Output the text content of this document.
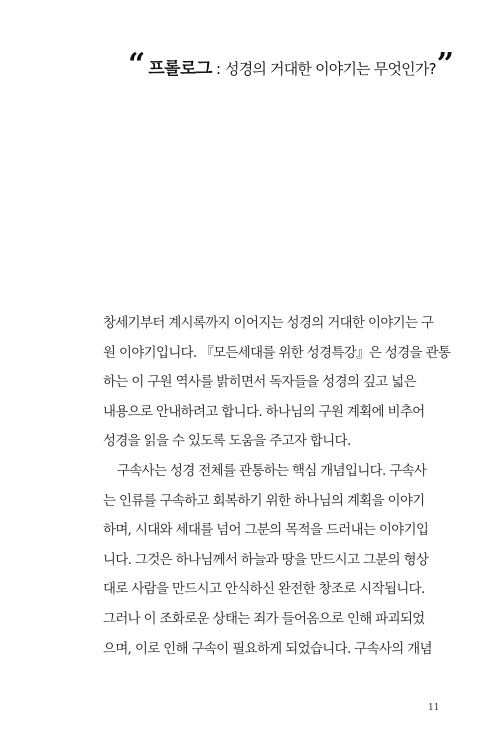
“ 프롤로그 : 성경의 거대한 이야기는 무엇인가? ”
창세기부터 계시록까지 이어지는 성경의 거대한 이야기는 구
원 이야기입니다. 『모든세대를 위한 성경특강』은 성경을 관통
하는 이 구원 역사를 밝히면서 독자들을 성경의 깊고 넓은
내용으로 안내하려고 합니다. 하나님의 구원 계획에 비추어
성경을 읽을 수 있도록 도움을 주고자 합니다.
구속사는 성경 전체를 관통하는 핵심 개념입니다. 구속사
는 인류를 구속하고 회복하기 위한 하나님의 계획을 이야기
하며, 시대와 세대를 넘어 그분의 목적을 드러내는 이야기입
니다. 그것은 하나님께서 하늘과 땅을 만드시고 그분의 형상
대로 사람을 만드시고 안식하신 완전한 창조로 시작됩니다.
그러나 이 조화로운 상태는 죄가 들어옴으로 인해 파괴되었
으며, 이로 인해 구속이 필요하게 되었습니다. 구속사의 개념
11
